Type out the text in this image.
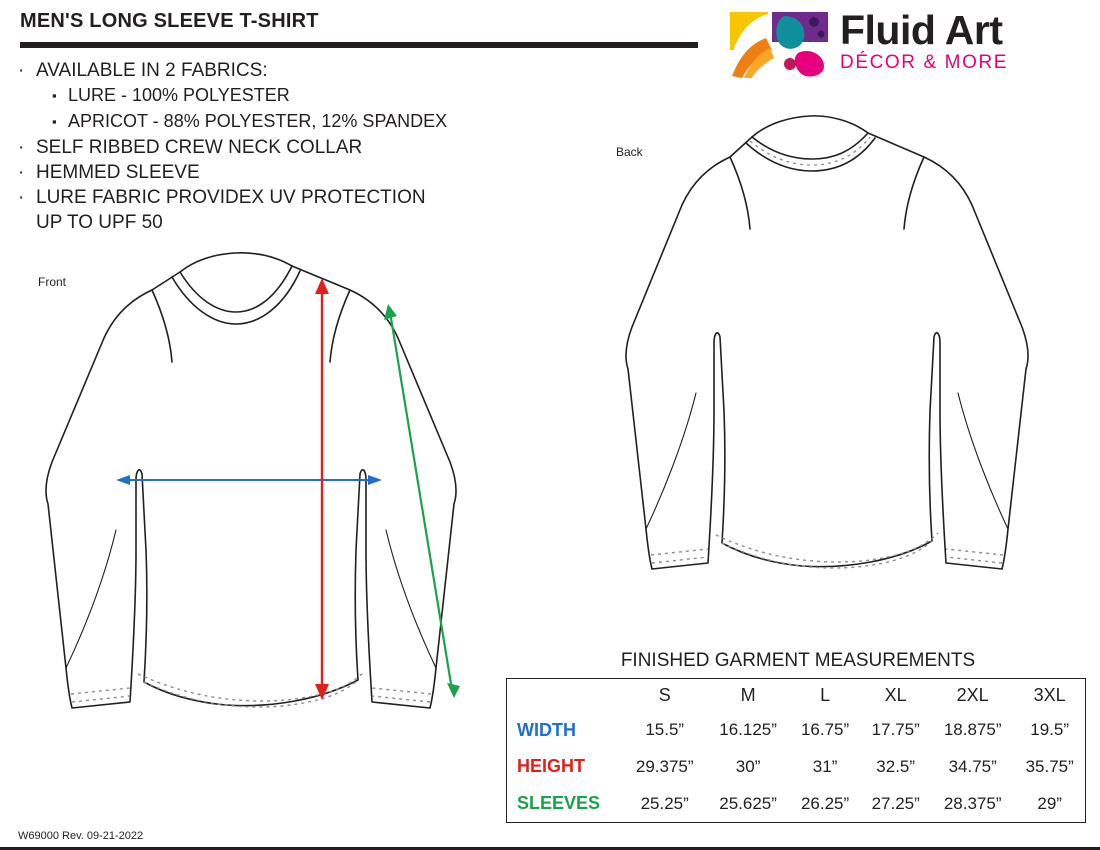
MEN'S LONG SLEEVE T-SHIRT	Fluid Art
DÉCOR & MORE
· AVAILABLE IN 2 FABRICS:
▪ LURE - 100% POLYESTER
▪ APRICOT - 88% POLYESTER, 12% SPANDEX
· SELF RIBBED CREW NECK COLLAR
· HEMMED SLEEVE
· LURE FABRIC PROVIDEX UV PROTECTION
UP TO UPF 50
Front
Back
FINISHED GARMENT MEASUREMENTS
	S	M	L	XL	2XL	3XL
WIDTH	15.5”	16.125”	16.75”	17.75”	18.875”	19.5”
HEIGHT	29.375”	30”	31”	32.5”	34.75”	35.75”
SLEEVES	25.25”	25.625”	26.25”	27.25”	28.375”	29”
W69000 Rev. 09-21-2022
